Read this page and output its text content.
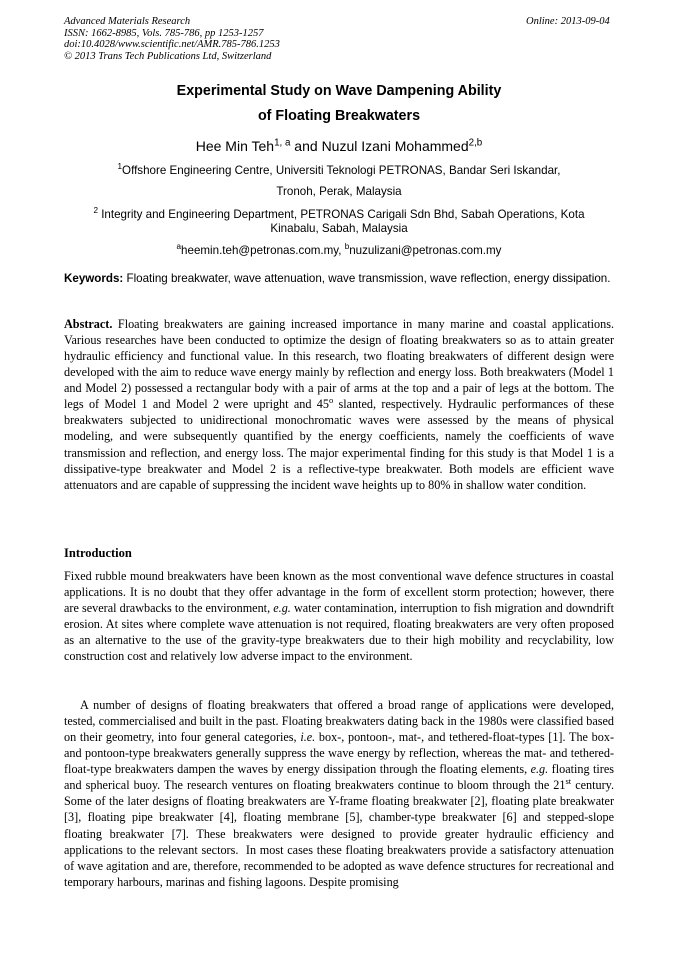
Advanced Materials Research
ISSN: 1662-8985, Vols. 785-786, pp 1253-1257
doi:10.4028/www.scientific.net/AMR.785-786.1253
© 2013 Trans Tech Publications Ltd, Switzerland
Online: 2013-09-04
Experimental Study on Wave Dampening Ability
of Floating Breakwaters
Hee Min Teh$^{1, a}$ and Nuzul Izani Mohammed$^{2,b}$
$^1$Offshore Engineering Centre, Universiti Teknologi PETRONAS, Bandar Seri Iskandar,
Tronoh, Perak, Malaysia
$^2$ Integrity and Engineering Department, PETRONAS Carigali Sdn Bhd, Sabah Operations, Kota
Kinabalu, Sabah, Malaysia
$^a$heemin.teh@petronas.com.my, $^b$nuzulizani@petronas.com.my
Keywords: Floating breakwater, wave attenuation, wave transmission, wave reflection, energy dissipation.
Abstract. Floating breakwaters are gaining increased importance in many marine and coastal applications. Various researches have been conducted to optimize the design of floating breakwaters so as to attain greater hydraulic efficiency and functional value. In this research, two floating breakwaters of different design were developed with the aim to reduce wave energy mainly by reflection and energy loss. Both breakwaters (Model 1 and Model 2) possessed a rectangular body with a pair of arms at the top and a pair of legs at the bottom. The legs of Model 1 and Model 2 were upright and 45$^o$ slanted, respectively. Hydraulic performances of these breakwaters subjected to unidirectional monochromatic waves were assessed by the means of physical modeling, and were subsequently quantified by the energy coefficients, namely the coefficients of wave transmission and reflection, and energy loss. The major experimental finding for this study is that Model 1 is a dissipative-type breakwater and Model 2 is a reflective-type breakwater. Both models are efficient wave attenuators and are capable of suppressing the incident wave heights up to 80% in shallow water condition.
Introduction
Fixed rubble mound breakwaters have been known as the most conventional wave defence structures in coastal applications. It is no doubt that they offer advantage in the form of excellent storm protection; however, there are several drawbacks to the environment, e.g. water contamination, interruption to fish migration and downdrift erosion. At sites where complete wave attenuation is not required, floating breakwaters are very often proposed as an alternative to the use of the gravity-type breakwaters due to their high mobility and recyclability, low construction cost and relatively low adverse impact to the environment.
A number of designs of floating breakwaters that offered a broad range of applications were developed, tested, commercialised and built in the past. Floating breakwaters dating back in the 1980s were classified based on their geometry, into four general categories, i.e. box-, pontoon-, mat-, and tethered-float-types [1]. The box- and pontoon-type breakwaters generally suppress the wave energy by reflection, whereas the mat- and tethered-float-type breakwaters dampen the waves by energy dissipation through the floating elements, e.g. floating tires and spherical buoy. The research ventures on floating breakwaters continue to bloom through the 21st century.  Some of the later designs of floating breakwaters are Y-frame floating breakwater [2], floating plate breakwater [3], floating pipe breakwater [4], floating membrane [5], chamber-type breakwater [6] and stepped-slope floating breakwater [7]. These breakwaters were designed to provide greater hydraulic efficiency and applications to the relevant sectors.  In most cases these floating breakwaters provide a satisfactory attenuation of wave agitation and are, therefore, recommended to be adopted as wave defence structures for recreational and temporary harbours, marinas and fishing lagoons. Despite promising
